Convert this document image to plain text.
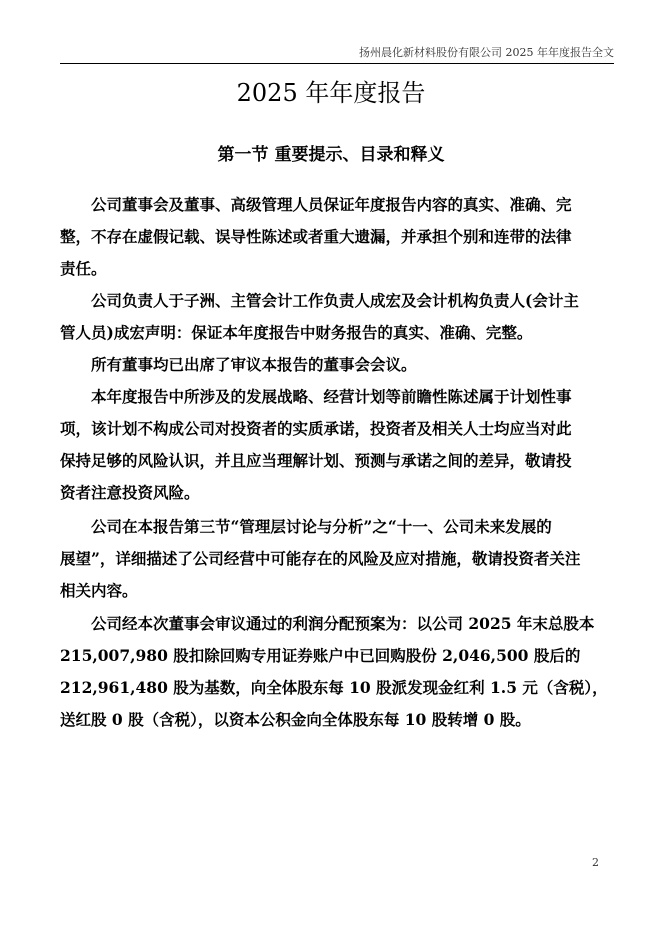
扬州晨化新材料股份有限公司 2025 年年度报告全文
2025 年年度报告
第一节 重要提示、目录和释义
公司董事会及董事、高级管理人员保证年度报告内容的真实、准确、完
整，不存在虚假记载、误导性陈述或者重大遗漏，并承担个别和连带的法律
责任。
公司负责人于子洲、主管会计工作负责人成宏及会计机构负责人(会计主
管人员)成宏声明：保证本年度报告中财务报告的真实、准确、完整。
所有董事均已出席了审议本报告的董事会会议。
本年度报告中所涉及的发展战略、经营计划等前瞻性陈述属于计划性事
项，该计划不构成公司对投资者的实质承诺，投资者及相关人士均应当对此
保持足够的风险认识，并且应当理解计划、预测与承诺之间的差异，敬请投
资者注意投资风险。
公司在本报告第三节“管理层讨论与分析”之“十一、公司未来发展的
展望”，详细描述了公司经营中可能存在的风险及应对措施，敬请投资者关注
相关内容。
公司经本次董事会审议通过的利润分配预案为：以公司 2025 年末总股本
215,007,980 股扣除回购专用证券账户中已回购股份 2,046,500 股后的
212,961,480 股为基数，向全体股东每 10 股派发现金红利 1.5 元（含税），
送红股 0 股（含税），以资本公积金向全体股东每 10 股转增 0 股。
2
